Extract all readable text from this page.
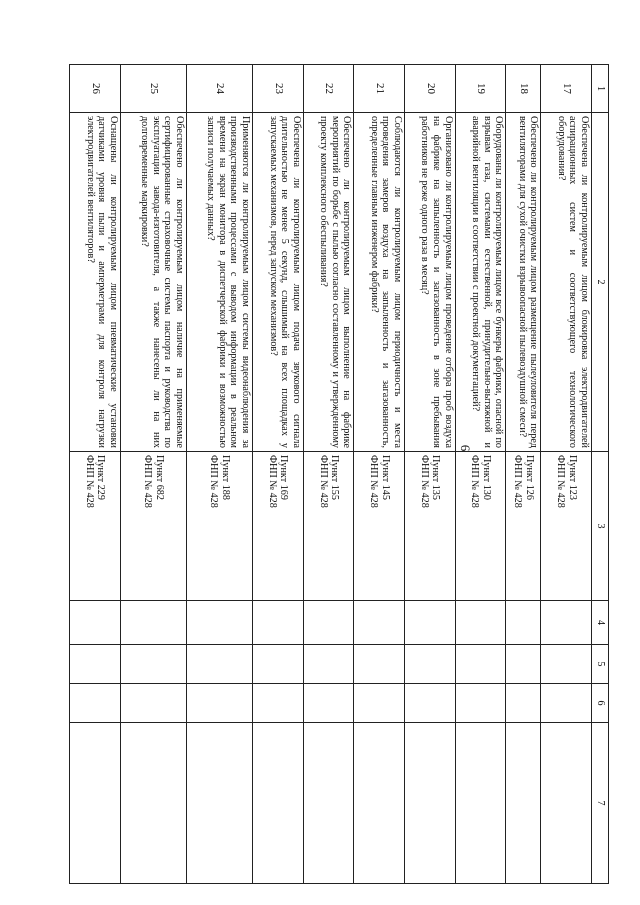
6
1	2	3	4	5	6	7
17	Обеспечена ли контролируемым лицом блокировка электродвигателей аспирационных систем и соответствующего технологического оборудования?	Пункт 123
ФНП № 428				

18	Обеспечено ли контролируемым лицом размещение пылеуловителя перед вентиляторами для сухой очистки взрывоопасной пылевоздушной смеси?	Пункт 126
ФНП № 428				

19	Оборудованы ли контролируемым лицом все бункеры фабрики, опасной по взрывам газа, системами естественной, принудительно-вытяжной и аварийной вентиляции в соответствии с проектной документацией?	Пункт 130
ФНП № 428				

20	Организовано ли контролируемым лицом проведение отбора проб воздуха на фабрике на запыленность и загазованность в зоне пребывания работников не реже одного раза в месяц?	Пункт 135
ФНП № 428				

21	Соблюдаются ли контролируемым лицом периодичность и места проведения замеров воздуха на запыленность и загазованность, определенные главным инженером фабрики?	Пункт 145
ФНП № 428				

22	Обеспечено ли контролируемым лицом выполнение на фабрике мероприятий по борьбе с пылью согласно составленному и утвержденному проекту комплексного обеспыливания?	Пункт 155
ФНП № 428				

23	Обеспечена ли контролируемым лицом подача звукового сигнала длительностью не менее 5 секунд, слышимый на всех площадках у запускаемых механизмов, перед запуском механизмов?	Пункт 169
ФНП № 428				

24	Применяются ли контролируемым лицом системы видеонаблюдения за производственными процессами с выводом информации в реальном времени на экран монитора в диспетчерской фабрики и возможностью записи получаемых данных?	Пункт 188
ФНП № 428				

25	Обеспечено ли контролируемым лицом наличие на применяемые сертифицированные страховочные системы паспорта и руководства по эксплуатации завода-изготовителя, а также нанесены ли на них долговременные маркировки?	Пункт 682
ФНП № 428				

26	Оснащены ли контролируемым лицом пневматические установки датчиками уровня пыли и амперметрами для контроля нагрузки электродвигателей вентиляторов?	Пункт 229
ФНП № 428				
